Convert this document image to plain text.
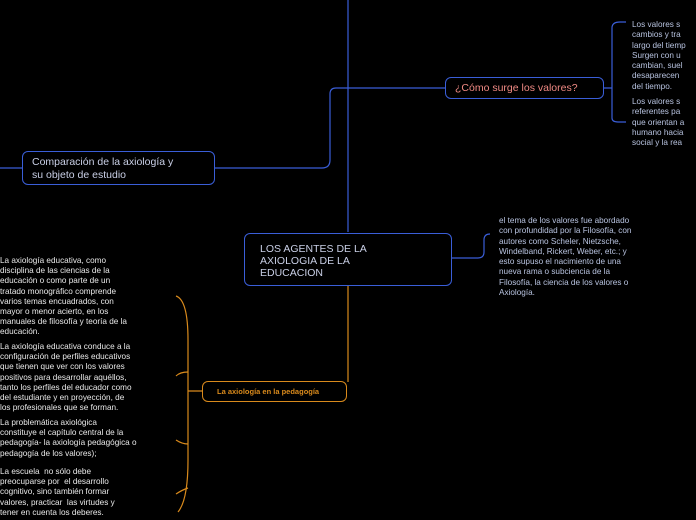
LOS AGENTES DE LA
AXIOLOGIA DE LA
EDUCACION
Comparación de la axiología y
su objeto de estudio
¿Cómo surge los valores?
La axiología en la pedagogía
Los valores s
cambios y tra
largo del tiemp
Surgen con u
cambian, suel
desaparecen
del tiempo.
Los valores s
referentes pa
que orientan a
humano hacia
social y la rea
el tema de los valores fue abordado
con profundidad por la Filosofía, con
autores como Scheler, Nietzsche,
Windelband, Rickert, Weber, etc.; y
esto supuso el nacimiento de una
nueva rama o subciencia de la
Filosofía, la ciencia de los valores o
Axiología.
La axiología educativa, como
disciplina de las ciencias de la
educación o como parte de un
tratado monográfico comprende
varios temas encuadrados, con
mayor o menor acierto, en los
manuales de filosofía y teoría de la
educación.
La axiología educativa conduce a la
configuración de perfiles educativos
que tienen que ver con los valores
positivos para desarrollar aquéllos,
tanto los perfiles del educador como
del estudiante y en proyección, de
los profesionales que se forman.
La problemática axiológica
constituye el capítulo central de la
pedagogía- la axiología pedagógica o
pedagogía de los valores);
La escuela  no sólo debe
preocuparse por  el desarrollo
cognitivo, sino también formar
valores, practicar  las virtudes y
tener en cuenta los deberes.
